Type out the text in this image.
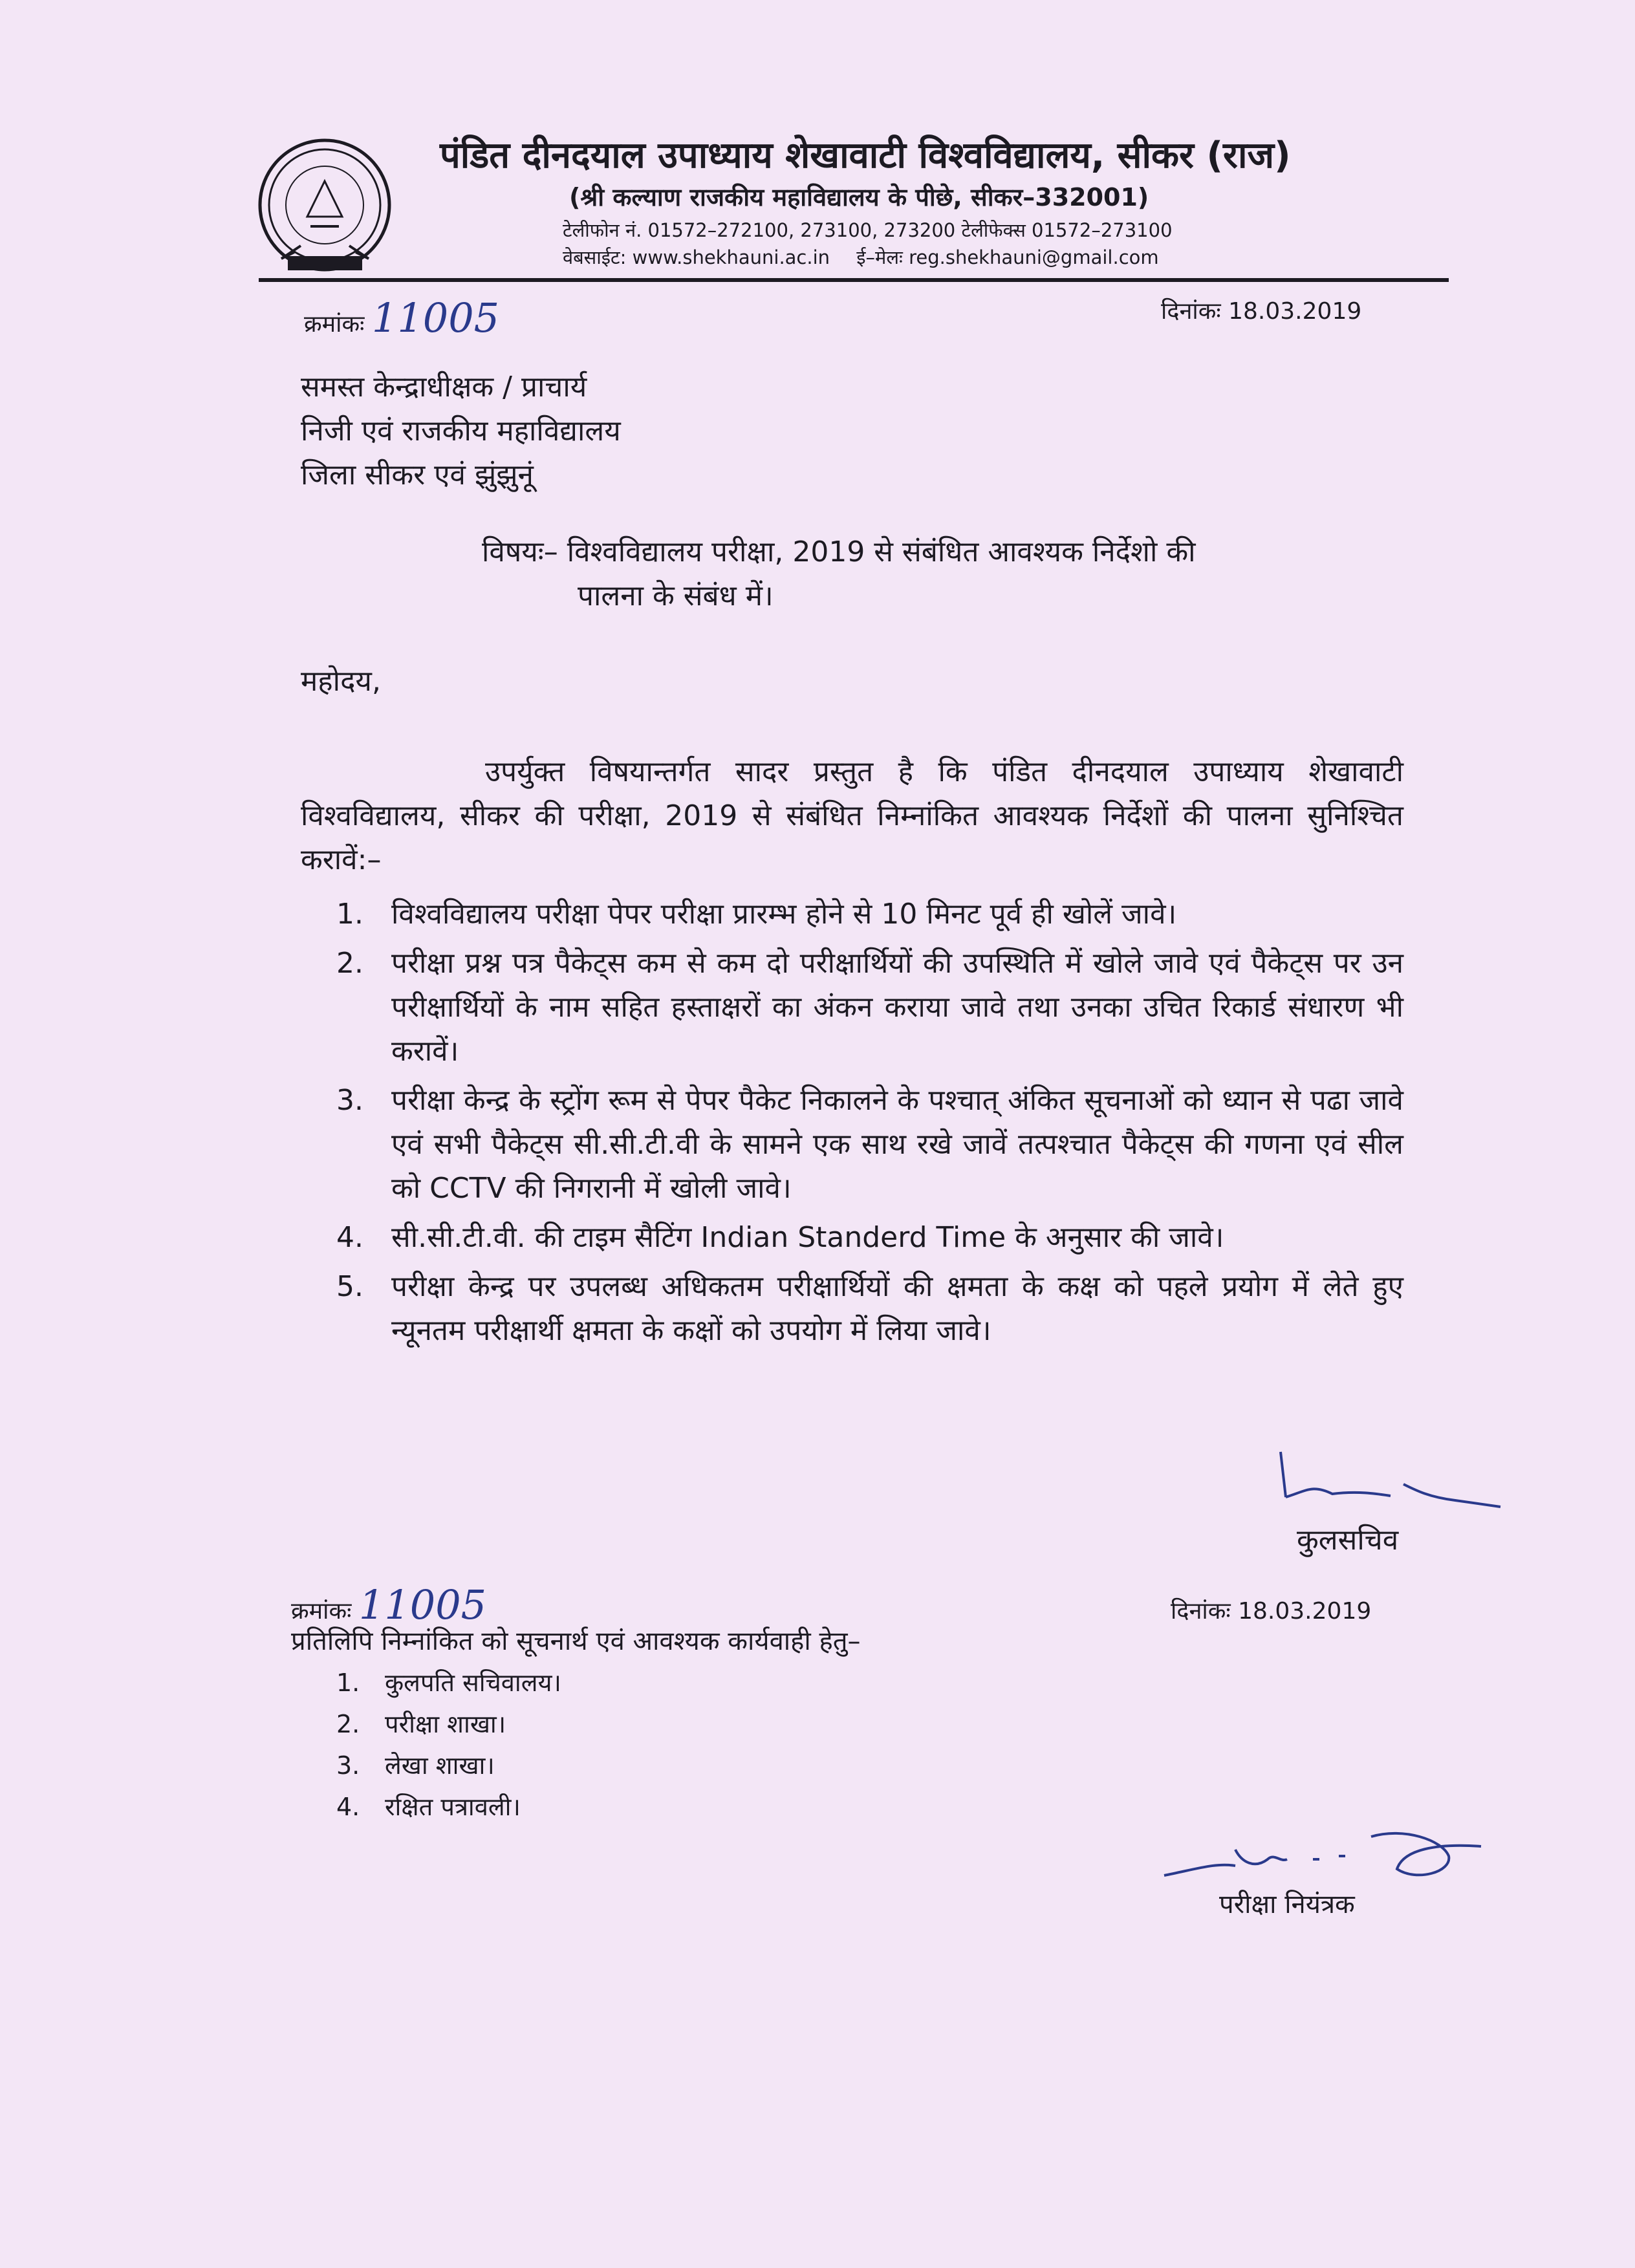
पंडित दीनदयाल उपाध्याय शेखावाटी विश्वविद्यालय, सीकर (राज)
(श्री कल्याण राजकीय महाविद्यालय के पीछे, सीकर–332001)
टेलीफोन नं. 01572–272100, 273100, 273200 टेलीफेक्स 01572–273100
वेबसाईट: www.shekhauni.ac.in ई–मेलः reg.shekhauni@gmail.com
क्रमांकः 11005	दिनांकः 18.03.2019
समस्त केन्द्राधीक्षक / प्राचार्य
निजी एवं राजकीय महाविद्यालय
जिला सीकर एवं झुंझुनूं
विषयः– विश्वविद्यालय परीक्षा, 2019 से संबंधित आवश्यक निर्देशो की
पालना के संबंध में।
महोदय,
उपर्युक्त विषयान्तर्गत सादर प्रस्तुत है कि पंडित दीनदयाल उपाध्याय शेखावाटी विश्वविद्यालय, सीकर की परीक्षा, 2019 से संबंधित निम्नांकित आवश्यक निर्देशों की पालना सुनिश्चित करावें:–
1. विश्वविद्यालय परीक्षा पेपर परीक्षा प्रारम्भ होने से 10 मिनट पूर्व ही खोलें जावे।
2. परीक्षा प्रश्न पत्र पैकेट्स कम से कम दो परीक्षार्थियों की उपस्थिति में खोले जावे एवं पैकेट्स पर उन परीक्षार्थियों के नाम सहित हस्ताक्षरों का अंकन कराया जावे तथा उनका उचित रिकार्ड संधारण भी करावें।
3. परीक्षा केन्द्र के स्ट्रोंग रूम से पेपर पैकेट निकालने के पश्चात् अंकित सूचनाओं को ध्यान से पढा जावे एवं सभी पैकेट्स सी.सी.टी.वी के सामने एक साथ रखे जावें तत्पश्चात पैकेट्स की गणना एवं सील को CCTV की निगरानी में खोली जावे।
4. सी.सी.टी.वी. की टाइम सैटिंग Indian Standerd Time के अनुसार की जावे।
5. परीक्षा केन्द्र पर उपलब्ध अधिकतम परीक्षार्थियों की क्षमता के कक्ष को पहले प्रयोग में लेते हुए न्यूनतम परीक्षार्थी क्षमता के कक्षों को उपयोग में लिया जावे।
कुलसचिव
क्रमांकः 11005	दिनांकः 18.03.2019
प्रतिलिपि निम्नांकित को सूचनार्थ एवं आवश्यक कार्यवाही हेतु–
1. कुलपति सचिवालय।
2. परीक्षा शाखा।
3. लेखा शाखा।
4. रक्षित पत्रावली।
परीक्षा नियंत्रक
